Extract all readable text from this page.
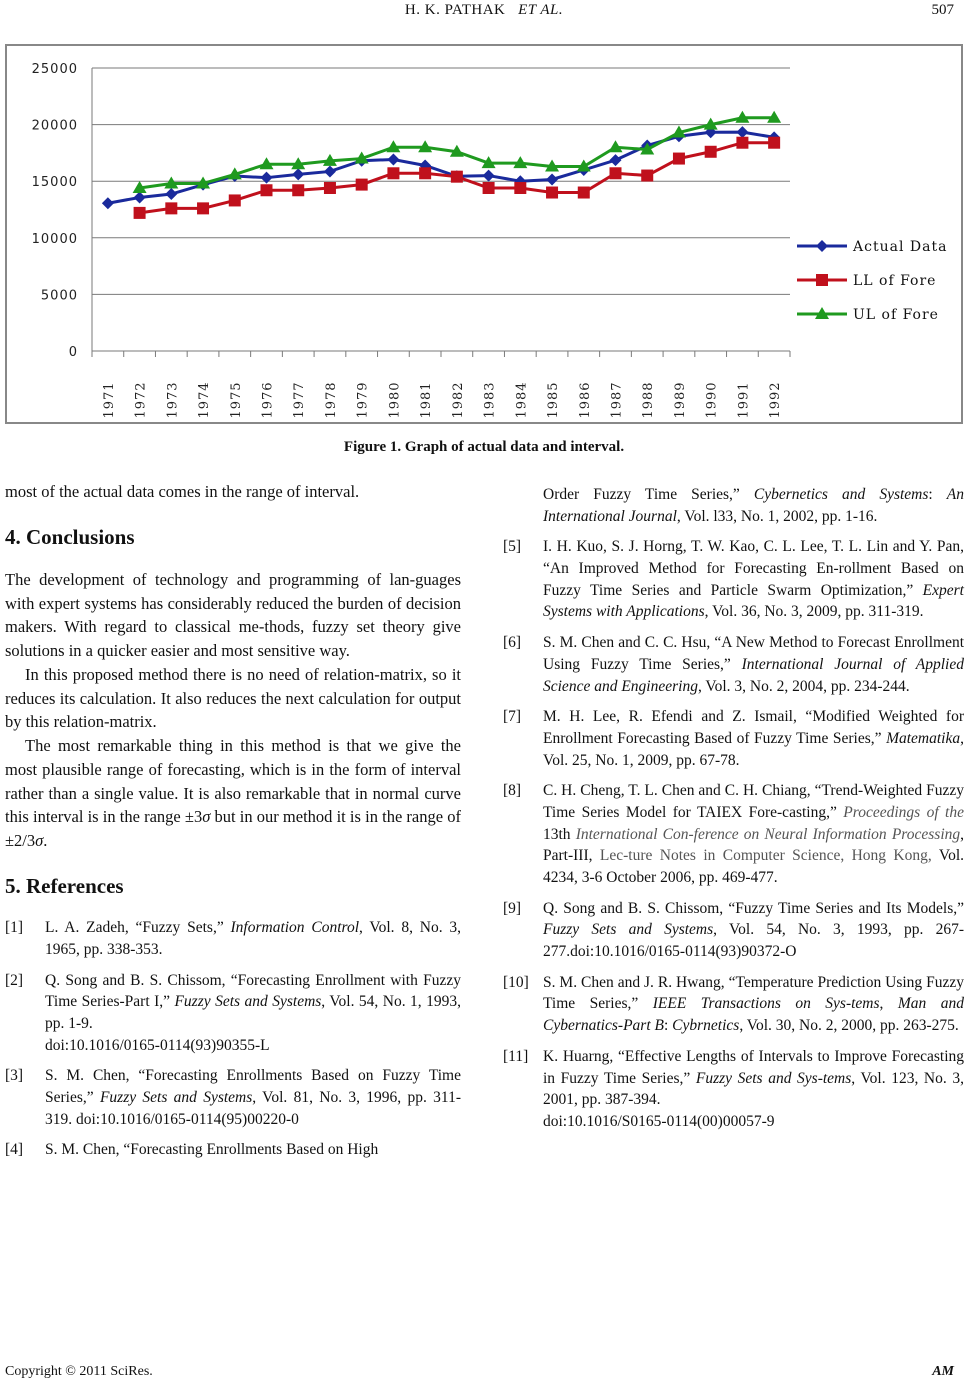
H. K. PATHAK ET AL.	507
0
5000
10000
15000
20000
25000
1971 1972 1973 1974 1975 1976 1977 1978 1979 1980 1981 1982 1983 1984 1985 1986 1987 1988 1989 1990 1991 1992
Actual Data
LL of Fore
UL of Fore
Figure 1. Graph of actual data and interval.

most of the actual data comes in the range of interval.

4. Conclusions

The development of technology and programming of lan-guages with expert systems has considerably reduced the burden of decision makers. With regard to classical me-thods, fuzzy set theory give solutions in a quicker easier and most sensitive way.

In this proposed method there is no need of relation-matrix, so it reduces its calculation. It also reduces the next calculation for output by this relation-matrix.

The most remarkable thing in this method is that we give the most plausible range of forecasting, which is in the form of interval rather than a single value. It is also remarkable that in normal curve this interval is in the range ±3σ but in our method it is in the range of ±2/3σ.

5. References
[1] L. A. Zadeh, “Fuzzy Sets,” Information Control, Vol. 8, No. 3, 1965, pp. 338-353.
[2] Q. Song and B. S. Chissom, “Forecasting Enrollment with Fuzzy Time Series-Part I,” Fuzzy Sets and Systems, Vol. 54, No. 1, 1993, pp. 1-9.
doi:10.1016/0165-0114(93)90355-L
[3] S. M. Chen, “Forecasting Enrollments Based on Fuzzy Time Series,” Fuzzy Sets and Systems, Vol. 81, No. 3, 1996, pp. 311-319. doi:10.1016/0165-0114(95)00220-0
[4] S. M. Chen, “Forecasting Enrollments Based on High
Order Fuzzy Time Series,” Cybernetics and Systems: An International Journal, Vol. l33, No. 1, 2002, pp. 1-16.
[5] I. H. Kuo, S. J. Horng, T. W. Kao, C. L. Lee, T. L. Lin and Y. Pan, “An Improved Method for Forecasting En-rollment Based on Fuzzy Time Series and Particle Swarm Optimization,” Expert Systems with Applications, Vol. 36, No. 3, 2009, pp. 311-319.
[6] S. M. Chen and C. C. Hsu, “A New Method to Forecast Enrollment Using Fuzzy Time Series,” International Journal of Applied Science and Engineering, Vol. 3, No. 2, 2004, pp. 234-244.
[7] M. H. Lee, R. Efendi and Z. Ismail, “Modified Weighted for Enrollment Forecasting Based of Fuzzy Time Series,” Matematika, Vol. 25, No. 1, 2009, pp. 67-78.
[8] C. H. Cheng, T. L. Chen and C. H. Chiang, “Trend-Weighted Fuzzy Time Series Model for TAIEX Fore-casting,” Proceedings of the 13th International Con-ference on Neural Information Processing, Part-III, Lec-ture Notes in Computer Science, Hong Kong, Vol. 4234, 3-6 October 2006, pp. 469-477.
[9] Q. Song and B. S. Chissom, “Fuzzy Time Series and Its Models,” Fuzzy Sets and Systems, Vol. 54, No. 3, 1993, pp. 267-277.doi:10.1016/0165-0114(93)90372-O
[10] S. M. Chen and J. R. Hwang, “Temperature Prediction Using Fuzzy Time Series,” IEEE Transactions on Sys-tems, Man and Cybernatics-Part B: Cybrnetics, Vol. 30, No. 2, 2000, pp. 263-275.
[11] K. Huarng, “Effective Lengths of Intervals to Improve Forecasting in Fuzzy Time Series,” Fuzzy Sets and Sys-tems, Vol. 123, No. 3, 2001, pp. 387-394.
doi:10.1016/S0165-0114(00)00057-9
Copyright © 2011 SciRes.	AM
